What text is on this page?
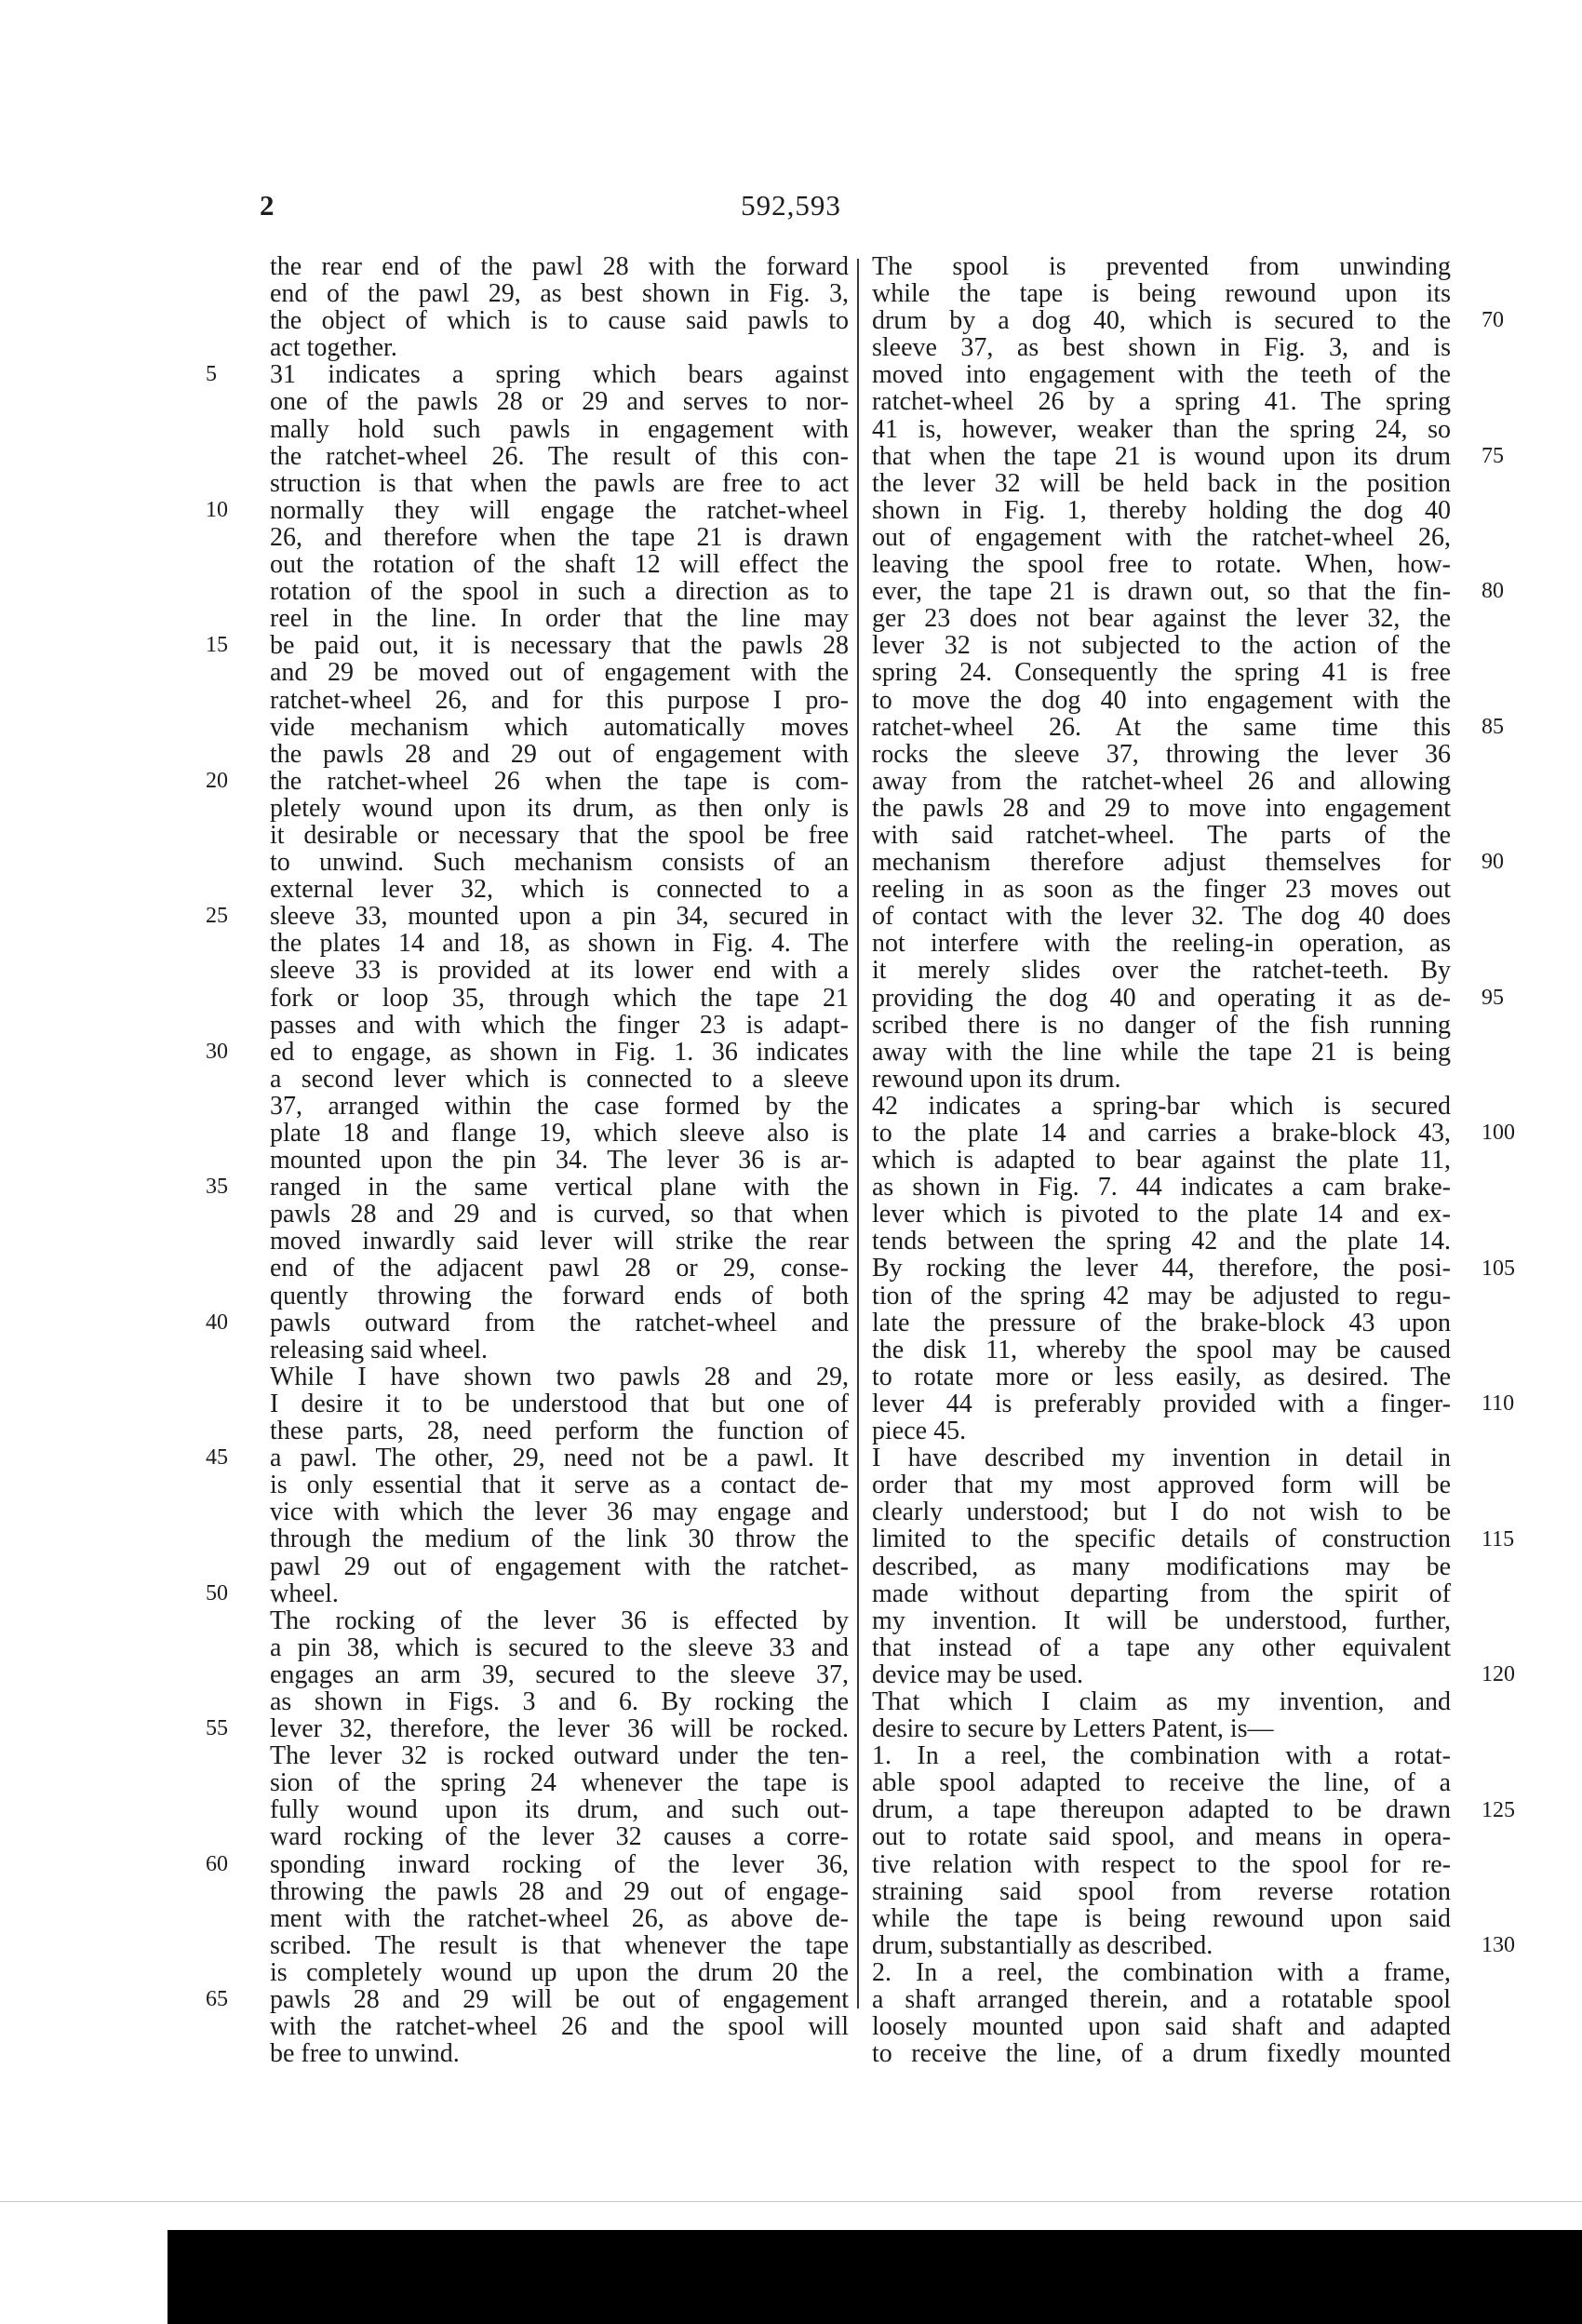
2	592,593
the rear end of the pawl 28 with the forward
end of the pawl 29, as best shown in Fig. 3,
the object of which is to cause said pawls to
act together.
31 indicates a spring which bears against
one of the pawls 28 or 29 and serves to nor-
mally hold such pawls in engagement with
the ratchet-wheel 26. The result of this con-
struction is that when the pawls are free to act
normally they will engage the ratchet-wheel
26, and therefore when the tape 21 is drawn
out the rotation of the shaft 12 will effect the
rotation of the spool in such a direction as to
reel in the line. In order that the line may
be paid out, it is necessary that the pawls 28
and 29 be moved out of engagement with the
ratchet-wheel 26, and for this purpose I pro-
vide mechanism which automatically moves
the pawls 28 and 29 out of engagement with
the ratchet-wheel 26 when the tape is com-
pletely wound upon its drum, as then only is
it desirable or necessary that the spool be free
to unwind. Such mechanism consists of an
external lever 32, which is connected to a
sleeve 33, mounted upon a pin 34, secured in
the plates 14 and 18, as shown in Fig. 4. The
sleeve 33 is provided at its lower end with a
fork or loop 35, through which the tape 21
passes and with which the finger 23 is adapt-
ed to engage, as shown in Fig. 1. 36 indicates
a second lever which is connected to a sleeve
37, arranged within the case formed by the
plate 18 and flange 19, which sleeve also is
mounted upon the pin 34. The lever 36 is ar-
ranged in the same vertical plane with the
pawls 28 and 29 and is curved, so that when
moved inwardly said lever will strike the rear
end of the adjacent pawl 28 or 29, conse-
quently throwing the forward ends of both
pawls outward from the ratchet-wheel and
releasing said wheel.
While I have shown two pawls 28 and 29,
I desire it to be understood that but one of
these parts, 28, need perform the function of
a pawl. The other, 29, need not be a pawl. It
is only essential that it serve as a contact de-
vice with which the lever 36 may engage and
through the medium of the link 30 throw the
pawl 29 out of engagement with the ratchet-
wheel.
The rocking of the lever 36 is effected by
a pin 38, which is secured to the sleeve 33 and
engages an arm 39, secured to the sleeve 37,
as shown in Figs. 3 and 6. By rocking the
lever 32, therefore, the lever 36 will be rocked.
The lever 32 is rocked outward under the ten-
sion of the spring 24 whenever the tape is
fully wound upon its drum, and such out-
ward rocking of the lever 32 causes a corre-
sponding inward rocking of the lever 36,
throwing the pawls 28 and 29 out of engage-
ment with the ratchet-wheel 26, as above de-
scribed. The result is that whenever the tape
is completely wound up upon the drum 20 the
pawls 28 and 29 will be out of engagement
with the ratchet-wheel 26 and the spool will
be free to unwind.
The spool is prevented from unwinding
while the tape is being rewound upon its
drum by a dog 40, which is secured to the
sleeve 37, as best shown in Fig. 3, and is
moved into engagement with the teeth of the
ratchet-wheel 26 by a spring 41. The spring
41 is, however, weaker than the spring 24, so
that when the tape 21 is wound upon its drum
the lever 32 will be held back in the position
shown in Fig. 1, thereby holding the dog 40
out of engagement with the ratchet-wheel 26,
leaving the spool free to rotate. When, how-
ever, the tape 21 is drawn out, so that the fin-
ger 23 does not bear against the lever 32, the
lever 32 is not subjected to the action of the
spring 24. Consequently the spring 41 is free
to move the dog 40 into engagement with the
ratchet-wheel 26. At the same time this
rocks the sleeve 37, throwing the lever 36
away from the ratchet-wheel 26 and allowing
the pawls 28 and 29 to move into engagement
with said ratchet-wheel. The parts of the
mechanism therefore adjust themselves for
reeling in as soon as the finger 23 moves out
of contact with the lever 32. The dog 40 does
not interfere with the reeling-in operation, as
it merely slides over the ratchet-teeth. By
providing the dog 40 and operating it as de-
scribed there is no danger of the fish running
away with the line while the tape 21 is being
rewound upon its drum.
42 indicates a spring-bar which is secured
to the plate 14 and carries a brake-block 43,
which is adapted to bear against the plate 11,
as shown in Fig. 7. 44 indicates a cam brake-
lever which is pivoted to the plate 14 and ex-
tends between the spring 42 and the plate 14.
By rocking the lever 44, therefore, the posi-
tion of the spring 42 may be adjusted to regu-
late the pressure of the brake-block 43 upon
the disk 11, whereby the spool may be caused
to rotate more or less easily, as desired. The
lever 44 is preferably provided with a finger-
piece 45.
I have described my invention in detail in
order that my most approved form will be
clearly understood; but I do not wish to be
limited to the specific details of construction
described, as many modifications may be
made without departing from the spirit of
my invention. It will be understood, further,
that instead of a tape any other equivalent
device may be used.
That which I claim as my invention, and
desire to secure by Letters Patent, is—
1. In a reel, the combination with a rotat-
able spool adapted to receive the line, of a
drum, a tape thereupon adapted to be drawn
out to rotate said spool, and means in opera-
tive relation with respect to the spool for re-
straining said spool from reverse rotation
while the tape is being rewound upon said
drum, substantially as described.
2. In a reel, the combination with a frame,
a shaft arranged therein, and a rotatable spool
loosely mounted upon said shaft and adapted
to receive the line, of a drum fixedly mounted
5
10
15
20
25
30
35
40
45
50
55
60
65
70
75
80
85
90
95
100
105
110
115
120
125
130
